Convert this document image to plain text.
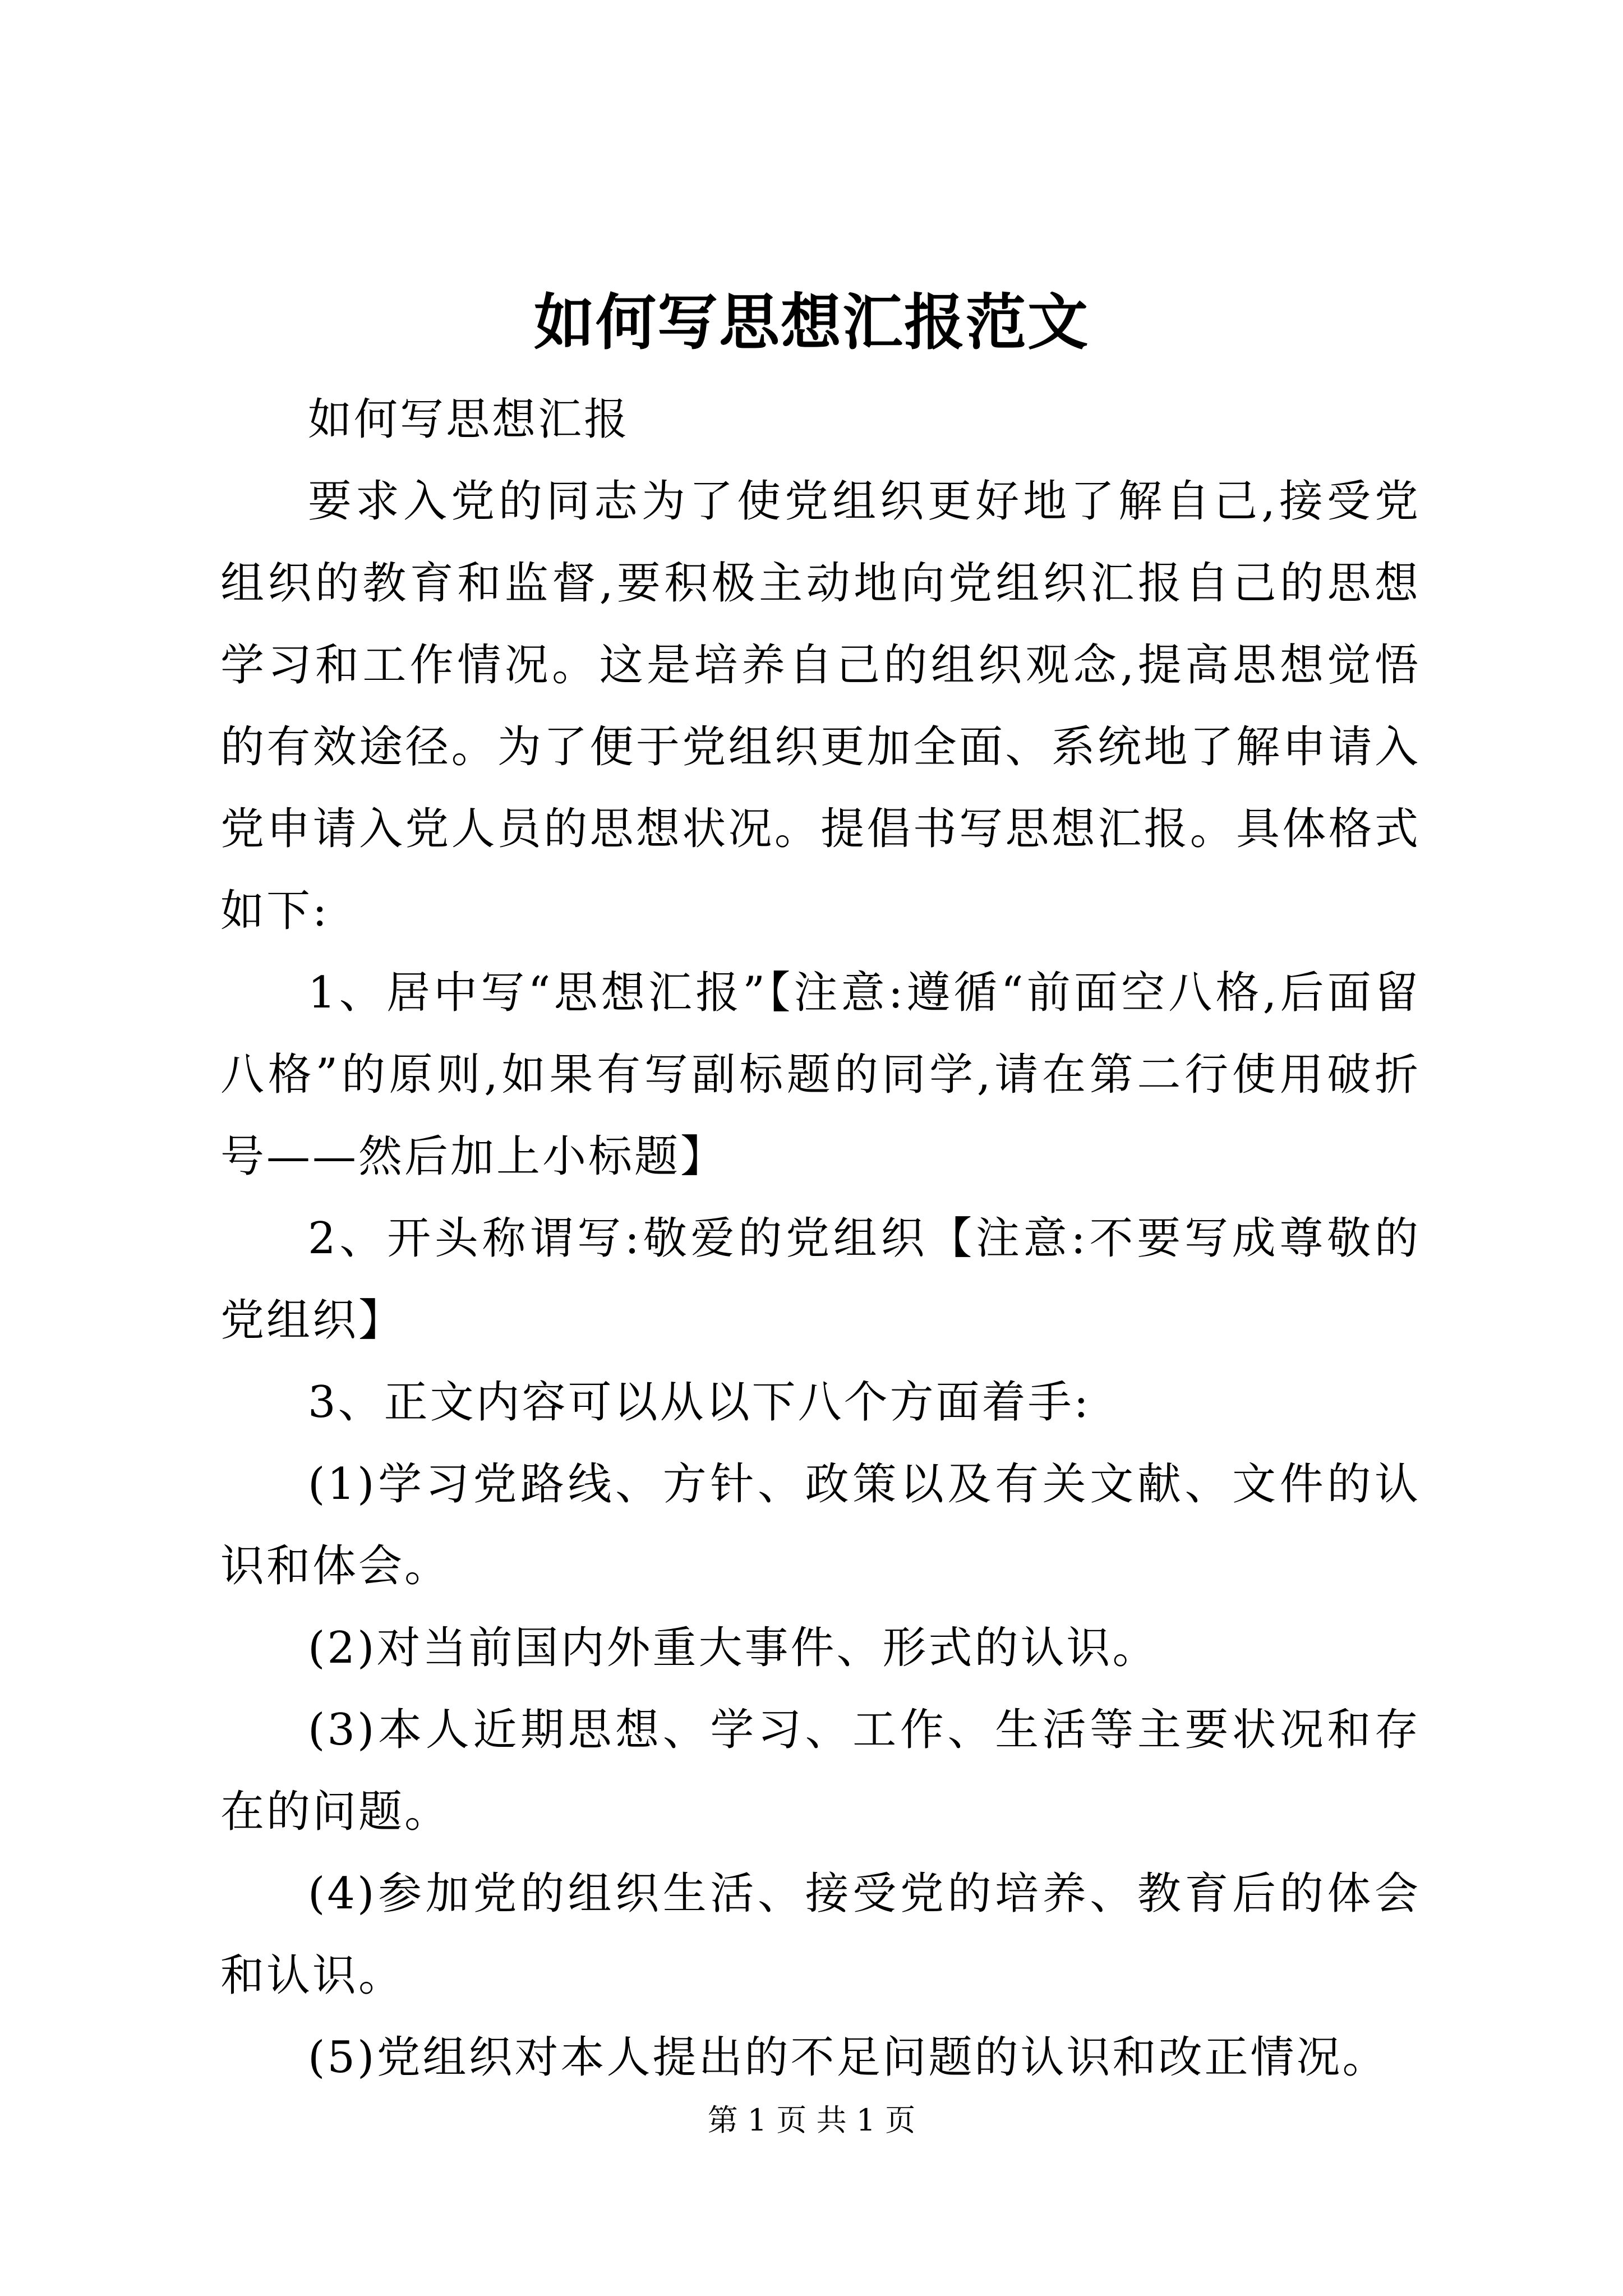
如何写思想汇报范文

如何写思想汇报

要求入党的同志为了使党组织更好地了解自己,接受党组织的教育和监督,要积极主动地向党组织汇报自己的思想学习和工作情况。这是培养自己的组织观念,提高思想觉悟的有效途径。为了便于党组织更加全面、系统地了解申请入党申请入党人员的思想状况。提倡书写思想汇报。具体格式如下:

1、居中写“思想汇报”【注意:遵循“前面空八格,后面留八格”的原则,如果有写副标题的同学,请在第二行使用破折号——然后加上小标题】

2、开头称谓写:敬爱的党组织【注意:不要写成尊敬的党组织】

3、正文内容可以从以下八个方面着手:

(1)学习党路线、方针、政策以及有关文献、文件的认识和体会。

(2)对当前国内外重大事件、形式的认识。

(3)本人近期思想、学习、工作、生活等主要状况和存在的问题。

(4)参加党的组织生活、接受党的培养、教育后的体会和认识。

(5)党组织对本人提出的不足问题的认识和改正情况。

第 1 页 共 1 页
